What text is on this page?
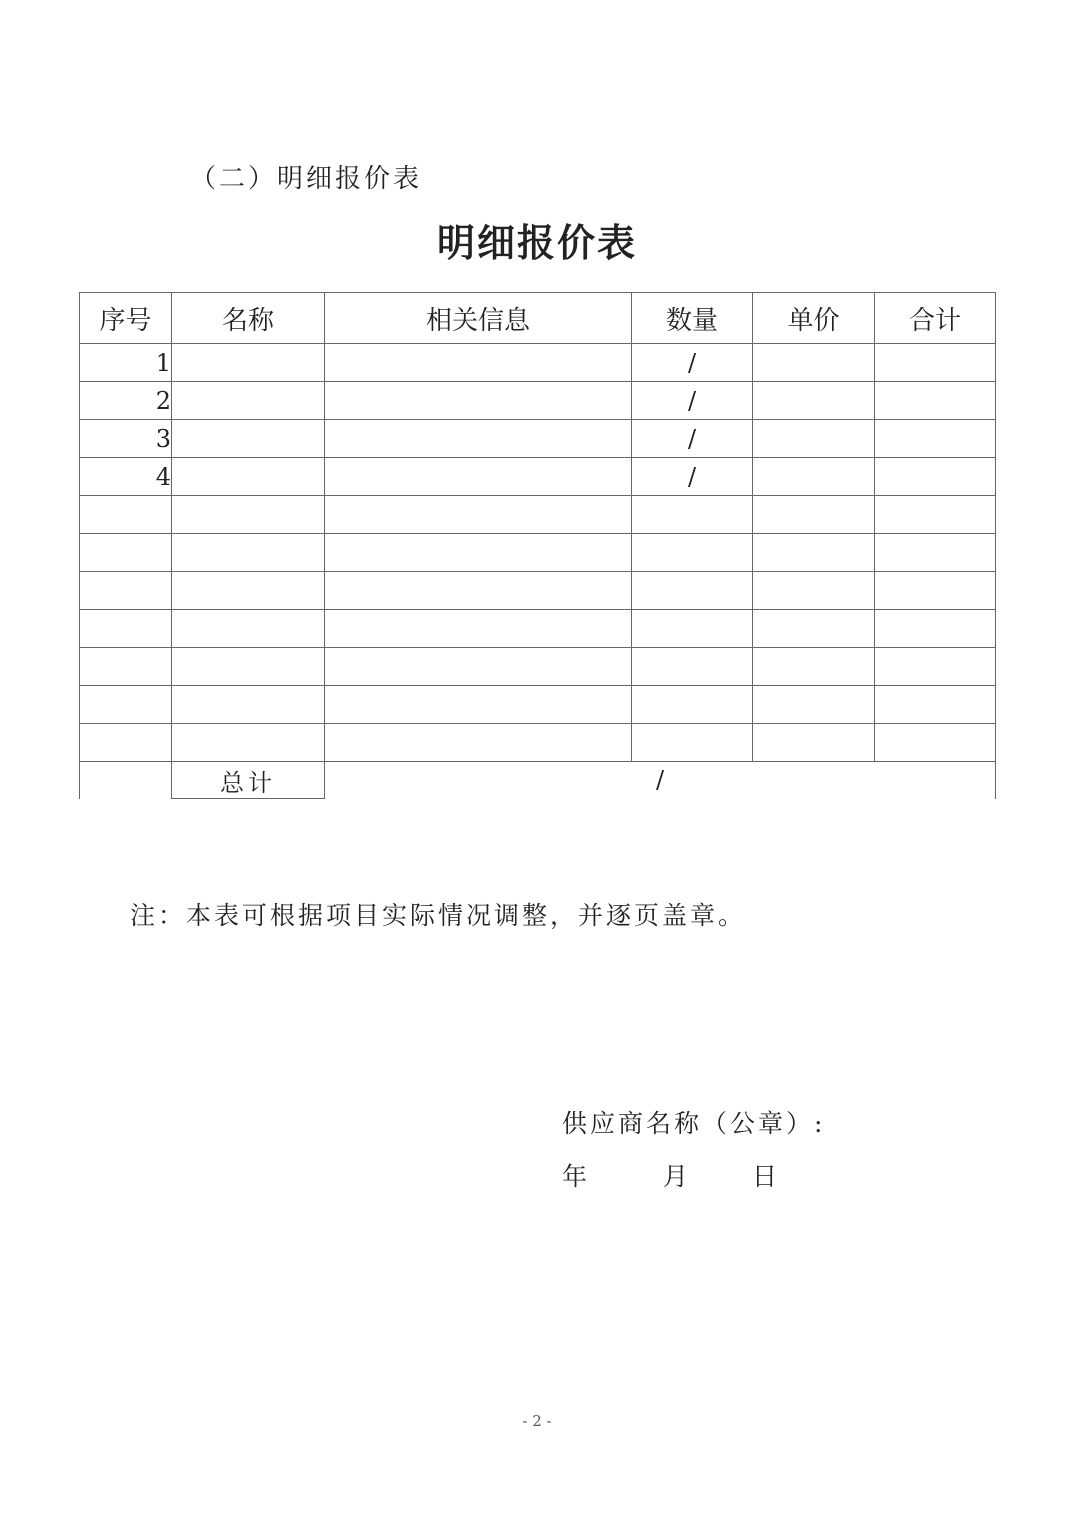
（二）明细报价表
明细报价表
序号	名称	相关信息	数量	单价	合计
1			/		
2			/		
3			/		
4			/		

	总计	/			
注：本表可根据项目实际情况调整，并逐页盖章。
供应商名称（公章）:
年	月	日
- 2 -
